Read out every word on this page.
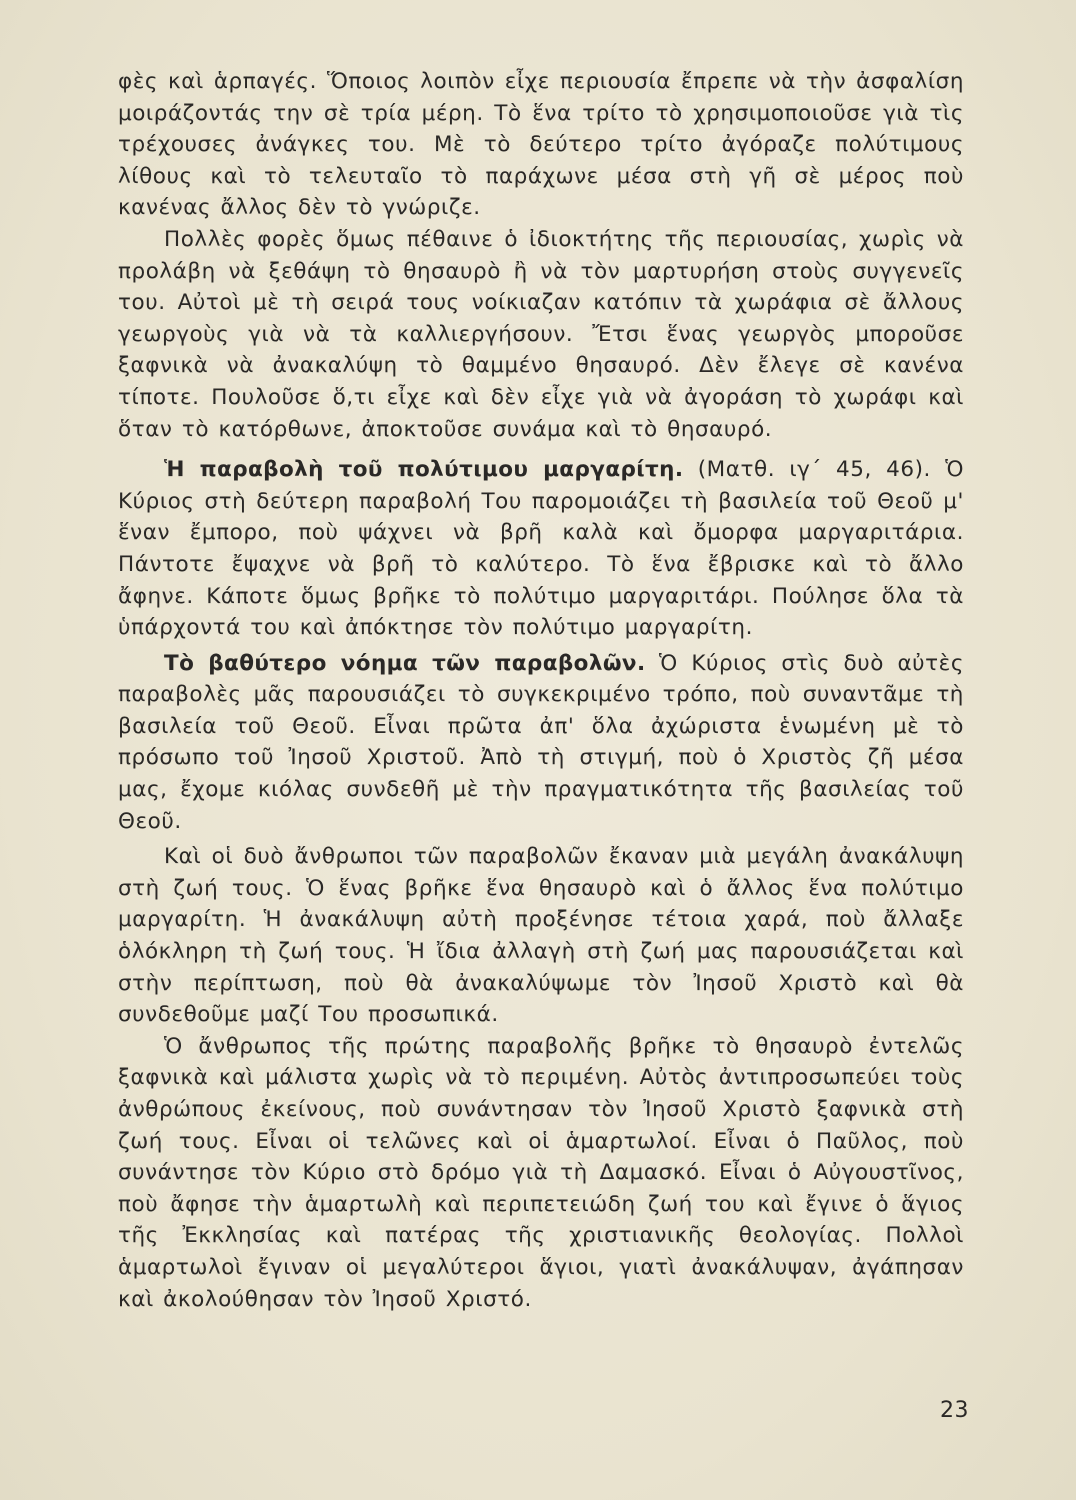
φὲς καὶ ἁρπαγές. Ὅποιος λοιπὸν εἶχε περιουσία ἔπρεπε νὰ τὴν ἀσφαλίση μοιράζοντάς την σὲ τρία μέρη. Τὸ ἕνα τρίτο τὸ χρησιμοποιοῦσε γιὰ τὶς τρέχουσες ἀνάγκες του. Μὲ τὸ δεύτερο τρίτο ἀγόραζε πολύτιμους λίθους καὶ τὸ τελευταῖο τὸ παράχωνε μέσα στὴ γῆ σὲ μέρος ποὺ κανένας ἄλλος δὲν τὸ γνώριζε.

Πολλὲς φορὲς ὅμως πέθαινε ὁ ἰδιοκτήτης τῆς περιουσίας, χωρὶς νὰ προλάβη νὰ ξεθάψη τὸ θησαυρὸ ἢ νὰ τὸν μαρτυρήση στοὺς συγγενεῖς του. Αὐτοὶ μὲ τὴ σειρά τους νοίκιαζαν κατόπιν τὰ χωράφια σὲ ἄλλους γεωργοὺς γιὰ νὰ τὰ καλλιεργήσουν. Ἔτσι ἕνας γεωργὸς μποροῦσε ξαφνικὰ νὰ ἀνακαλύψη τὸ θαμμένο θησαυρό. Δὲν ἔλεγε σὲ κανένα τίποτε. Πουλοῦσε ὅ,τι εἶχε καὶ δὲν εἶχε γιὰ νὰ ἀγοράση τὸ χωράφι καὶ ὅταν τὸ κατόρθωνε, ἀποκτοῦσε συνάμα καὶ τὸ θησαυρό.

Ἡ παραβολὴ τοῦ πολύτιμου μαργαρίτη. (Ματθ. ιγ´ 45, 46). Ὁ Κύριος στὴ δεύτερη παραβολή Του παρομοιάζει τὴ βασιλεία τοῦ Θεοῦ μ' ἕναν ἔμπορο, ποὺ ψάχνει νὰ βρῆ καλὰ καὶ ὄμορφα μαργαριτάρια. Πάντοτε ἔψαχνε νὰ βρῆ τὸ καλύτερο. Τὸ ἕνα ἔβρισκε καὶ τὸ ἄλλο ἄφηνε. Κάποτε ὅμως βρῆκε τὸ πολύτιμο μαργαριτάρι. Πούλησε ὅλα τὰ ὑπάρχοντά του καὶ ἀπόκτησε τὸν πολύτιμο μαργαρίτη.

Τὸ βαθύτερο νόημα τῶν παραβολῶν. Ὁ Κύριος στὶς δυὸ αὐτὲς παραβολὲς μᾶς παρουσιάζει τὸ συγκεκριμένο τρόπο, ποὺ συναντᾶμε τὴ βασιλεία τοῦ Θεοῦ. Εἶναι πρῶτα ἀπ' ὅλα ἀχώριστα ἑνωμένη μὲ τὸ πρόσωπο τοῦ Ἰησοῦ Χριστοῦ. Ἀπὸ τὴ στιγμή, ποὺ ὁ Χριστὸς ζῆ μέσα μας, ἔχομε κιόλας συνδεθῆ μὲ τὴν πραγματικότητα τῆς βασιλείας τοῦ Θεοῦ.

Καὶ οἱ δυὸ ἄνθρωποι τῶν παραβολῶν ἔκαναν μιὰ μεγάλη ἀνακάλυψη στὴ ζωή τους. Ὁ ἕνας βρῆκε ἕνα θησαυρὸ καὶ ὁ ἄλλος ἕνα πολύτιμο μαργαρίτη. Ἡ ἀνακάλυψη αὐτὴ προξένησε τέτοια χαρά, ποὺ ἄλλαξε ὁλόκληρη τὴ ζωή τους. Ἡ ἴδια ἀλλαγὴ στὴ ζωή μας παρουσιάζεται καὶ στὴν περίπτωση, ποὺ θὰ ἀνακαλύψωμε τὸν Ἰησοῦ Χριστὸ καὶ θὰ συνδεθοῦμε μαζί Του προσωπικά.

Ὁ ἄνθρωπος τῆς πρώτης παραβολῆς βρῆκε τὸ θησαυρὸ ἐντελῶς ξαφνικὰ καὶ μάλιστα χωρὶς νὰ τὸ περιμένη. Αὐτὸς ἀντιπροσωπεύει τοὺς ἀνθρώπους ἐκείνους, ποὺ συνάντησαν τὸν Ἰησοῦ Χριστὸ ξαφνικὰ στὴ ζωή τους. Εἶναι οἱ τελῶνες καὶ οἱ ἁμαρτωλοί. Εἶναι ὁ Παῦλος, ποὺ συνάντησε τὸν Κύριο στὸ δρόμο γιὰ τὴ Δαμασκό. Εἶναι ὁ Αὐγουστῖνος, ποὺ ἄφησε τὴν ἁμαρτωλὴ καὶ περιπετειώδη ζωή του καὶ ἔγινε ὁ ἅγιος τῆς Ἐκκλησίας καὶ πατέρας τῆς χριστιανικῆς θεολογίας. Πολλοὶ ἁμαρτωλοὶ ἔγιναν οἱ μεγαλύτεροι ἅγιοι, γιατὶ ἀνακάλυψαν, ἀγάπησαν καὶ ἀκολούθησαν τὸν Ἰησοῦ Χριστό.

23
